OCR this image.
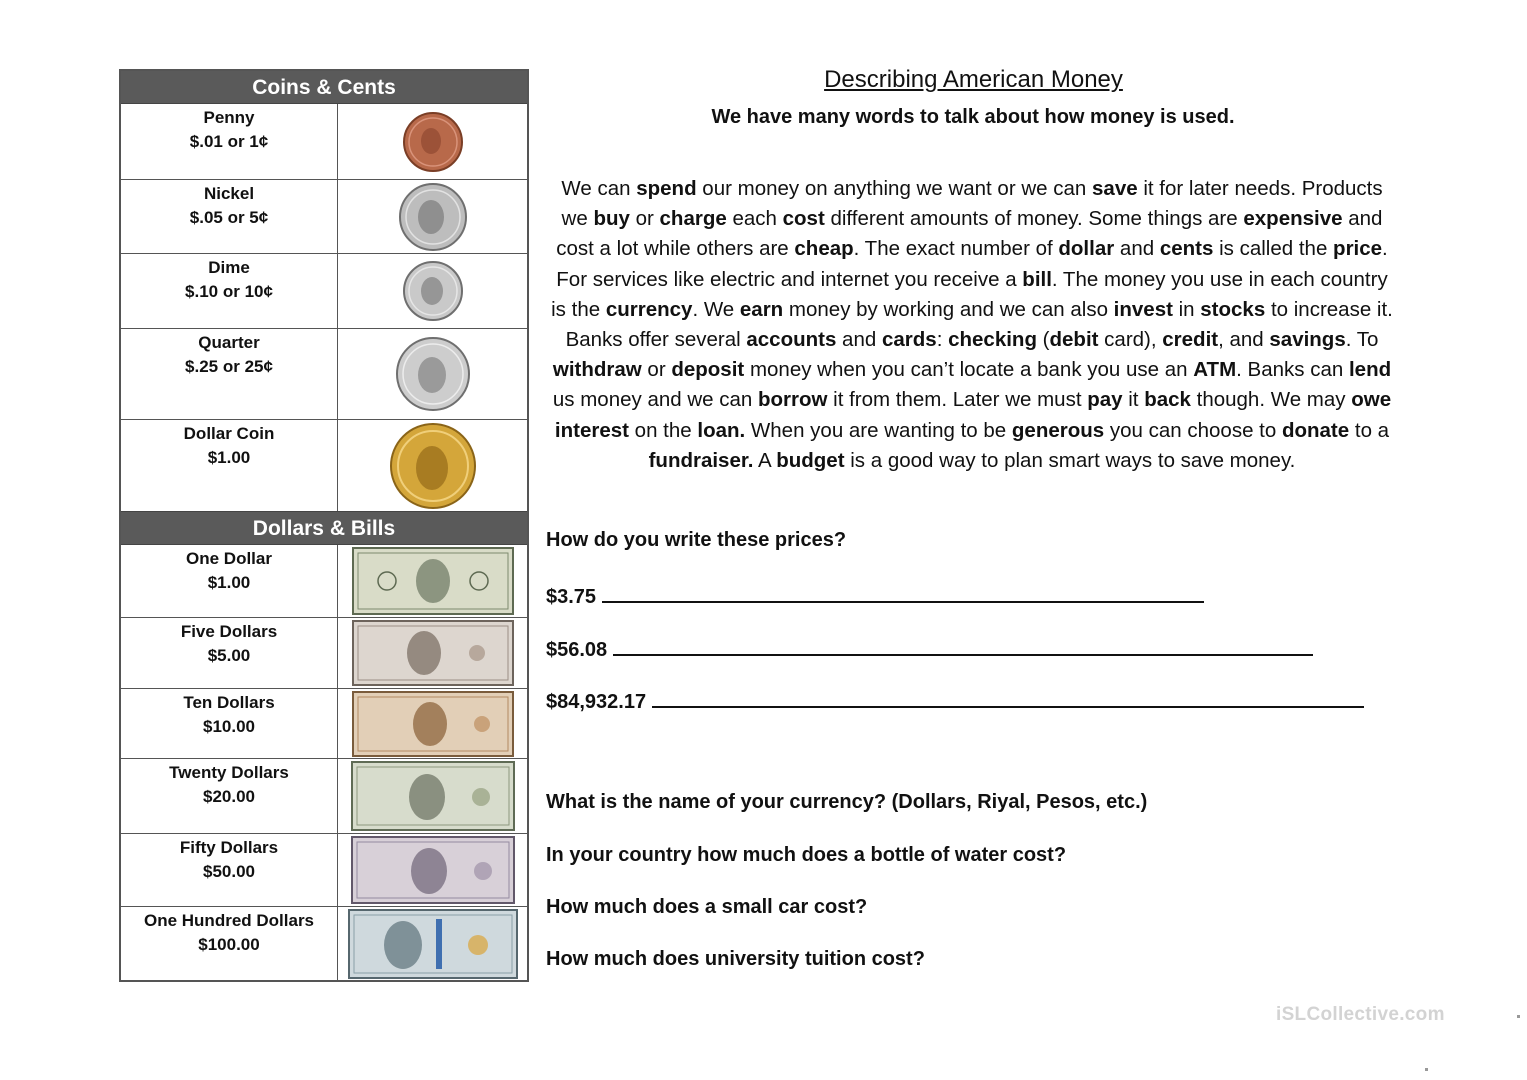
Coins & Cents
Penny
$.01 or 1¢
Nickel
$.05 or 5¢
Dime
$.10 or 10¢
Quarter
$.25 or 25¢
Dollar Coin
$1.00
Dollars & Bills
One Dollar
$1.00
Five Dollars
$5.00
Ten Dollars
$10.00
Twenty Dollars
$20.00
Fifty Dollars
$50.00
One Hundred Dollars
$100.00
Describing American Money
We have many words to talk about how money is used.
We can spend our money on anything we want or we can save it for later needs. Products we buy or charge each cost different amounts of money. Some things are expensive and cost a lot while others are cheap. The exact number of dollar and cents is called the price. For services like electric and internet you receive a bill. The money you use in each country is the currency. We earn money by working and we can also invest in stocks to increase it. Banks offer several accounts and cards: checking (debit card), credit, and savings. To withdraw or deposit money when you can’t locate a bank you use an ATM. Banks can lend us money and we can borrow it from them. Later we must pay it back though. We may owe interest on the loan. When you are wanting to be generous you can choose to donate to a fundraiser. A budget is a good way to plan smart ways to save money.
How do you write these prices?
$3.75
$56.08
$84,932.17
What is the name of your currency? (Dollars, Riyal, Pesos, etc.)
In your country how much does a bottle of water cost?
How much does a small car cost?
How much does university tuition cost?
iSLCollective.com
